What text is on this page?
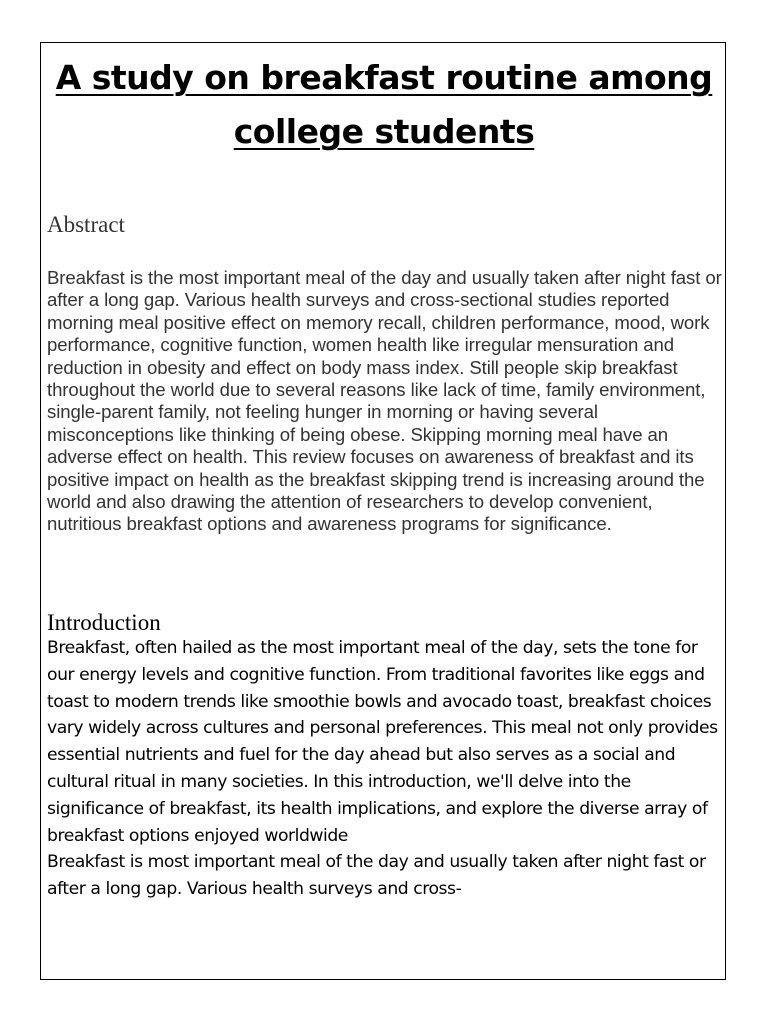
A study on breakfast routine among college students
Abstract

Breakfast is the most important meal of the day and usually taken after night fast or after a long gap. Various health surveys and cross-sectional studies reported morning meal positive effect on memory recall, children performance, mood, work performance, cognitive function, women health like irregular mensuration and reduction in obesity and effect on body mass index. Still people skip breakfast throughout the world due to several reasons like lack of time, family environment, single-parent family, not feeling hunger in morning or having several misconceptions like thinking of being obese. Skipping morning meal have an adverse effect on health. This review focuses on awareness of breakfast and its positive impact on health as the breakfast skipping trend is increasing around the world and also drawing the attention of researchers to develop convenient, nutritious breakfast options and awareness programs for significance.

Introduction

Breakfast, often hailed as the most important meal of the day, sets the tone for our energy levels and cognitive function. From traditional favorites like eggs and toast to modern trends like smoothie bowls and avocado toast, breakfast choices vary widely across cultures and personal preferences. This meal not only provides essential nutrients and fuel for the day ahead but also serves as a social and cultural ritual in many societies. In this introduction, we'll delve into the significance of breakfast, its health implications, and explore the diverse array of breakfast options enjoyed worldwide

Breakfast is most important meal of the day and usually taken after night fast or after a long gap. Various health surveys and cross-
